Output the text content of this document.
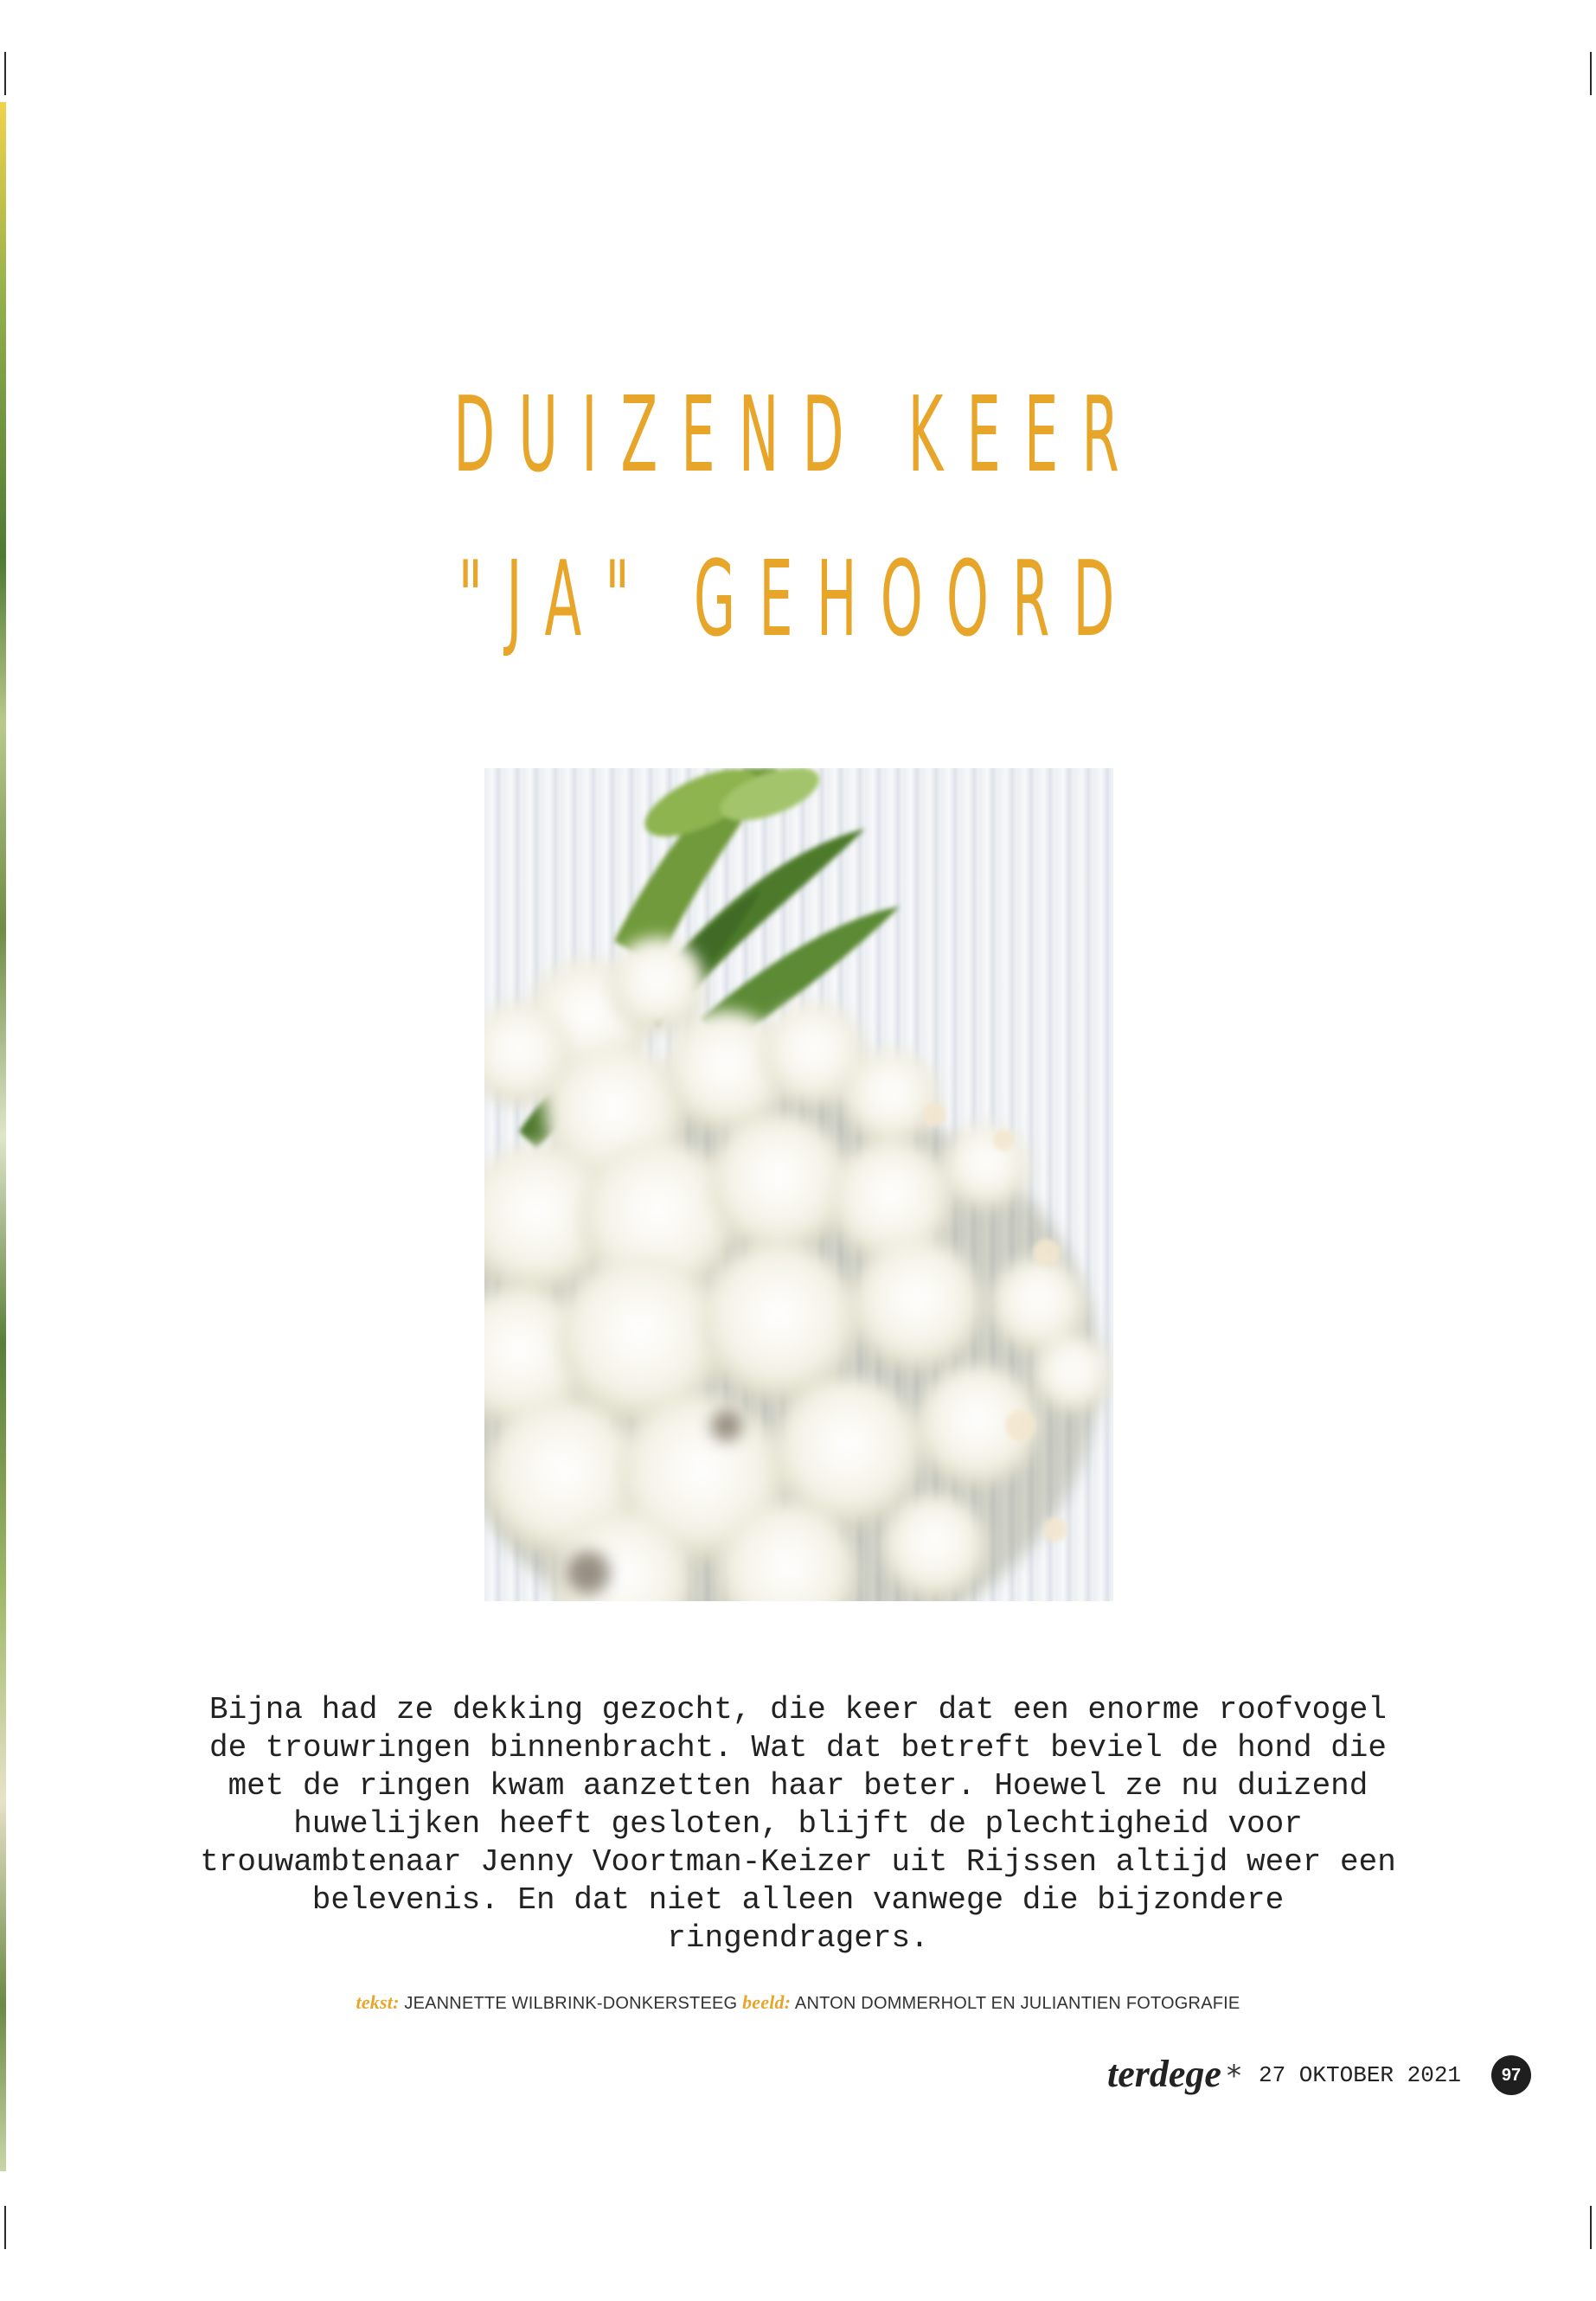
DUIZEND KEER
"JA" GEHOORD

Bijna had ze dekking gezocht, die keer dat een enorme roofvogel de trouwringen binnenbracht. Wat dat betreft beviel de hond die met de ringen kwam aanzetten haar beter. Hoewel ze nu duizend huwelijken heeft gesloten, blijft de plechtigheid voor trouwambtenaar Jenny Voortman-Keizer uit Rijssen altijd weer een belevenis. En dat niet alleen vanwege die bijzondere ringendragers.

tekst: JEANNETTE WILBRINK-DONKERSTEEG beeld: ANTON DOMMERHOLT EN JULIANTIEN FOTOGRAFIE
terdege * 27 OKTOBER 2021	97
